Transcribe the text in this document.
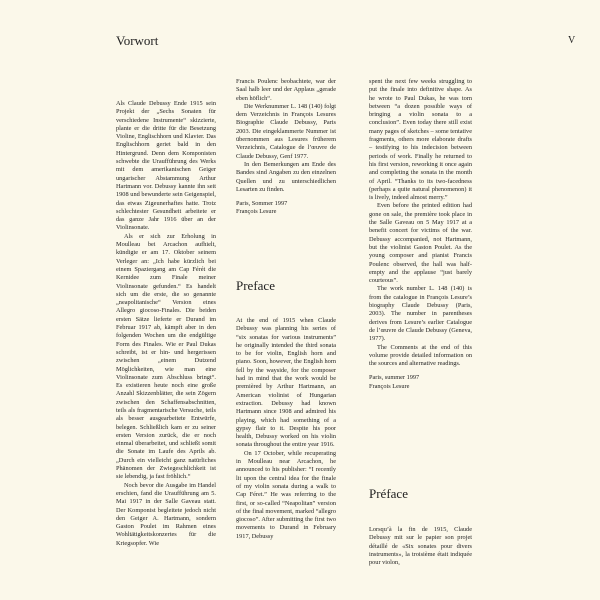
V
Vorwort

Als Claude Debussy Ende 1915 sein Projekt der „Sechs Sonaten für verschiedene Instrumente“ skizzierte, plante er die dritte für die Besetzung Violine, Englischhorn und Klavier. Das Englischhorn geriet bald in den Hintergrund. Denn dem Komponisten schwebte die Uraufführung des Werks mit dem amerikanischen Geiger ungarischer Abstammung Arthur Hartmann vor. Debussy kannte ihn seit 1908 und bewunderte sein Geigenspiel, das etwas Zigeunerhaftes hatte. Trotz schlechtester Gesundheit arbeitete er das ganze Jahr 1916 über an der Violinsonate.

Als er sich zur Erholung in Moulleau bei Arcachon aufhielt, kündigte er am 17. Oktober seinem Verleger an: „Ich habe kürzlich bei einem Spaziergang am Cap Férét die Kernidee zum Finale meiner Violinsonate gefunden.“ Es handelt sich um die erste, die so genannte „neapolitanische“ Version eines Allegro giocoso-Finales. Die beiden ersten Sätze lieferte er Durand im Februar 1917 ab, kämpft aber in den folgenden Wochen um die endgültige Form des Finales. Wie er Paul Dukas schreibt, ist er hin- und hergerissen zwischen „einem Dutzend Möglichkeiten, wie man eine Violinsonate zum Abschluss bringt“. Es existieren heute noch eine große Anzahl Skizzenblätter, die sein Zögern zwischen den Schaffensabschnitten, teils als fragmentarische Versuche, teils als besser ausgearbeitete Entwürfe, belegen. Schließlich kam er zu seiner ersten Version zurück, die er noch einmal überarbeitet, und schließt somit die Sonate im Laufe des Aprils ab. „Durch ein vielleicht ganz natürliches Phänomen der Zwiegeschlichkeit ist sie lebendig, ja fast fröhlich.“

Noch bevor die Ausgabe im Handel erschien, fand die Uraufführung am 5. Mai 1917 in der Salle Gaveau statt. Der Komponist begleitete jedoch nicht den Geiger A. Hartmann, sondern Gaston Poulet im Rahmen eines Wohltätigkeitskonzertes für die Kriegsopfer. Wie

Francis Poulenc beobachtete, war der Saal halb leer und der Applaus „gerade eben höflich“.

Die Werknummer L. 148 (140) folgt dem Verzeichnis in François Lesures Biographie Claude Debussy, Paris 2003. Die eingeklammerte Nummer ist übernommen aus Lesures früherem Verzeichnis, Catalogue de l’œuvre de Claude Debussy, Genf 1977.

In den Bemerkungen am Ende des Bandes sind Angaben zu den einzelnen Quellen und zu unterschiedlichen Lesarten zu finden.

Paris, Sommer 1997

François Lesure

Preface

At the end of 1915 when Claude Debussy was planning his series of “six sonatas for various instruments” he originally intended the third sonata to be for violin, English horn and piano. Soon, however, the English horn fell by the wayside, for the composer had in mind that the work would be premièred by Arthur Hartmann, an American violinist of Hungarian extraction. Debussy had known Hartmann since 1908 and admired his playing, which had something of a gypsy flair to it. Despite his poor health, Debussy worked on his violin sonata throughout the entire year 1916.

On 17 October, while recuperating in Moulleau near Arcachon, he announced to his publisher: “I recently lit upon the central idea for the finale of my violin sonata during a walk to Cap Féret.” He was referring to the first, or so-called “Neapolitan” version of the final movement, marked “allegro giocoso”. After submitting the first two movements to Durand in February 1917, Debussy

spent the next few weeks struggling to put the finale into definitive shape. As he wrote to Paul Dukas, he was torn between “a dozen possible ways of bringing a violin sonata to a conclusion”. Even today there still exist many pages of sketches – some tentative fragments, others more elaborate drafts – testifying to his indecision between periods of work. Finally he returned to his first version, reworking it once again and completing the sonata in the month of April. “Thanks to its two-facedness (perhaps a quite natural phenomenon) it is lively, indeed almost merry.”

Even before the printed edition had gone on sale, the première took place in the Salle Gaveau on 5 May 1917 at a benefit concert for victims of the war. Debussy accompanied, not Hartmann, but the violinist Gaston Poulet. As the young composer and pianist Francis Poulenc observed, the hall was half-empty and the applause “just barely courteous”.

The work number L. 148 (140) is from the catalogue in François Lesure’s biography Claude Debussy (Paris, 2003). The number in parentheses derives from Lesure’s earlier Catalogue de l’œuvre de Claude Debussy (Geneva, 1977).

The Comments at the end of this volume provide detailed information on the sources and alternative readings.

Paris, summer 1997

François Lesure

Préface

Lorsqu’à la fin de 1915, Claude Debussy mit sur le papier son projet détaillé de «Six sonates pour divers instruments», la troisième était indiquée pour violon,
